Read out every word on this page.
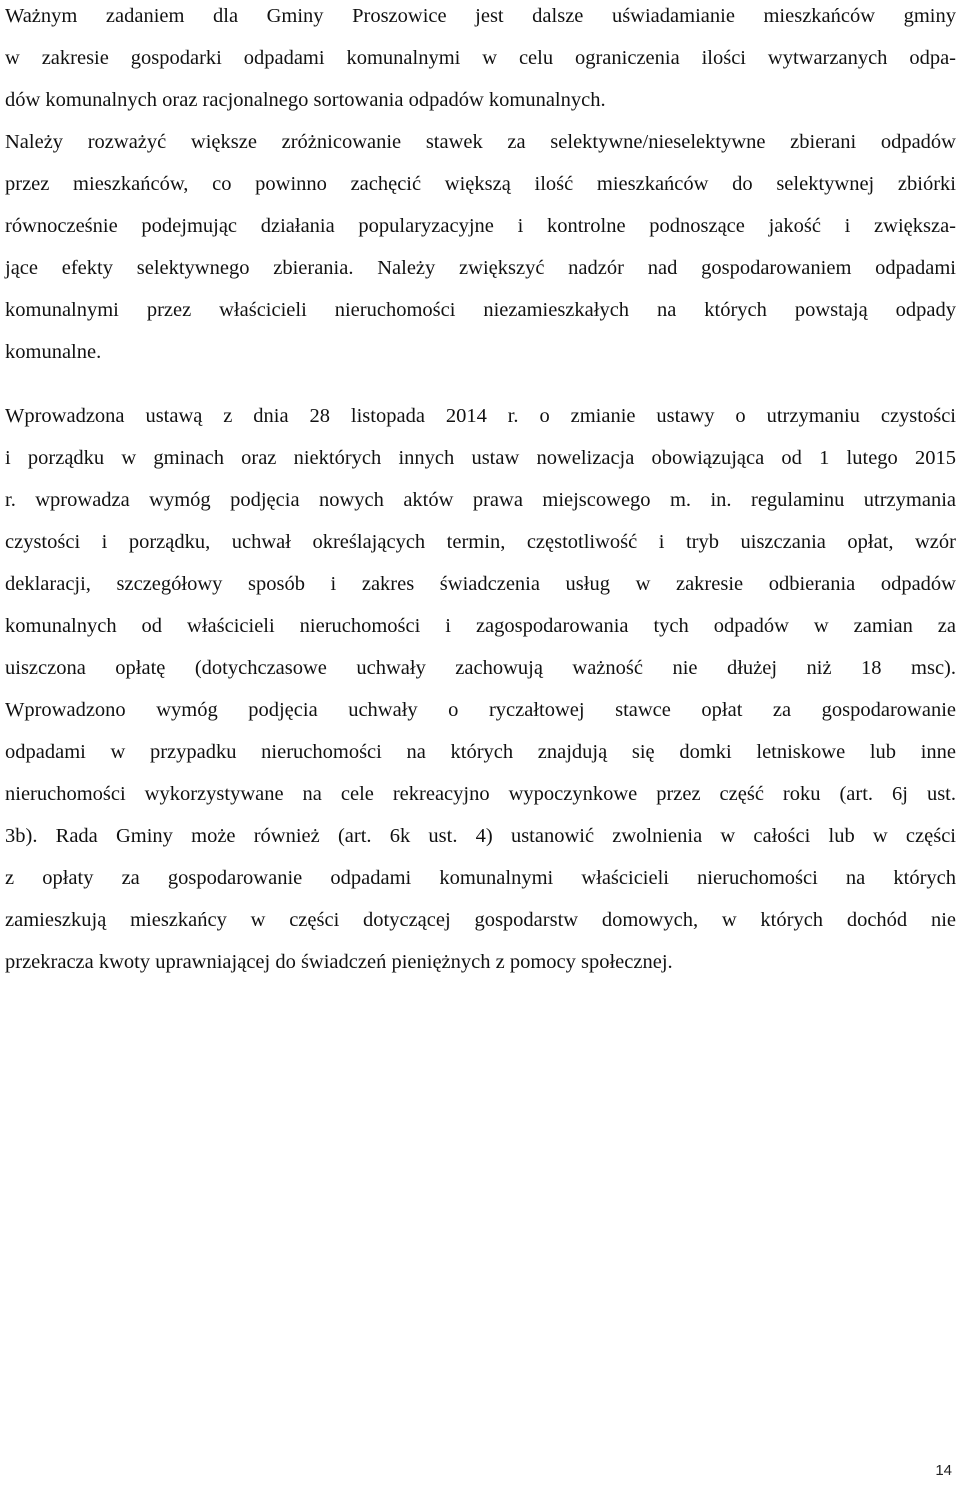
Ważnym zadaniem dla Gminy Proszowice jest dalsze uświadamianie mieszkańców gminy
w zakresie gospodarki odpadami komunalnymi w celu ograniczenia ilości wytwarzanych odpa-
dów komunalnych oraz racjonalnego sortowania odpadów komunalnych.
Należy rozważyć większe zróżnicowanie stawek za selektywne/nieselektywne zbierani odpadów
przez mieszkańców, co powinno zachęcić większą ilość mieszkańców do selektywnej zbiórki
równocześnie podejmując działania popularyzacyjne i kontrolne podnoszące jakość i zwiększa-
jące efekty selektywnego zbierania. Należy zwiększyć nadzór nad gospodarowaniem odpadami
komunalnymi przez właścicieli nieruchomości niezamieszkałych na których powstają odpady
komunalne.
Wprowadzona ustawą z dnia 28 listopada 2014 r. o zmianie ustawy o utrzymaniu czystości
i porządku w gminach oraz niektórych innych ustaw nowelizacja obowiązująca od 1 lutego 2015
r. wprowadza wymóg podjęcia nowych aktów prawa miejscowego m. in. regulaminu utrzymania
czystości i porządku, uchwał określających termin, częstotliwość i tryb uiszczania opłat, wzór
deklaracji, szczegółowy sposób i zakres świadczenia usług w zakresie odbierania odpadów
komunalnych od właścicieli nieruchomości i zagospodarowania tych odpadów w zamian za
uiszczona opłatę (dotychczasowe uchwały zachowują ważność nie dłużej niż 18 msc).
Wprowadzono wymóg podjęcia uchwały o ryczałtowej stawce opłat za gospodarowanie
odpadami w przypadku nieruchomości na których znajdują się domki letniskowe lub inne
nieruchomości wykorzystywane na cele rekreacyjno wypoczynkowe przez część roku (art. 6j ust.
3b). Rada Gminy może również (art. 6k ust. 4) ustanowić zwolnienia w całości lub w części
z opłaty za gospodarowanie odpadami komunalnymi właścicieli nieruchomości na których
zamieszkują mieszkańcy w części dotyczącej gospodarstw domowych, w których dochód nie
przekracza kwoty uprawniającej do świadczeń pieniężnych z pomocy społecznej.
14
